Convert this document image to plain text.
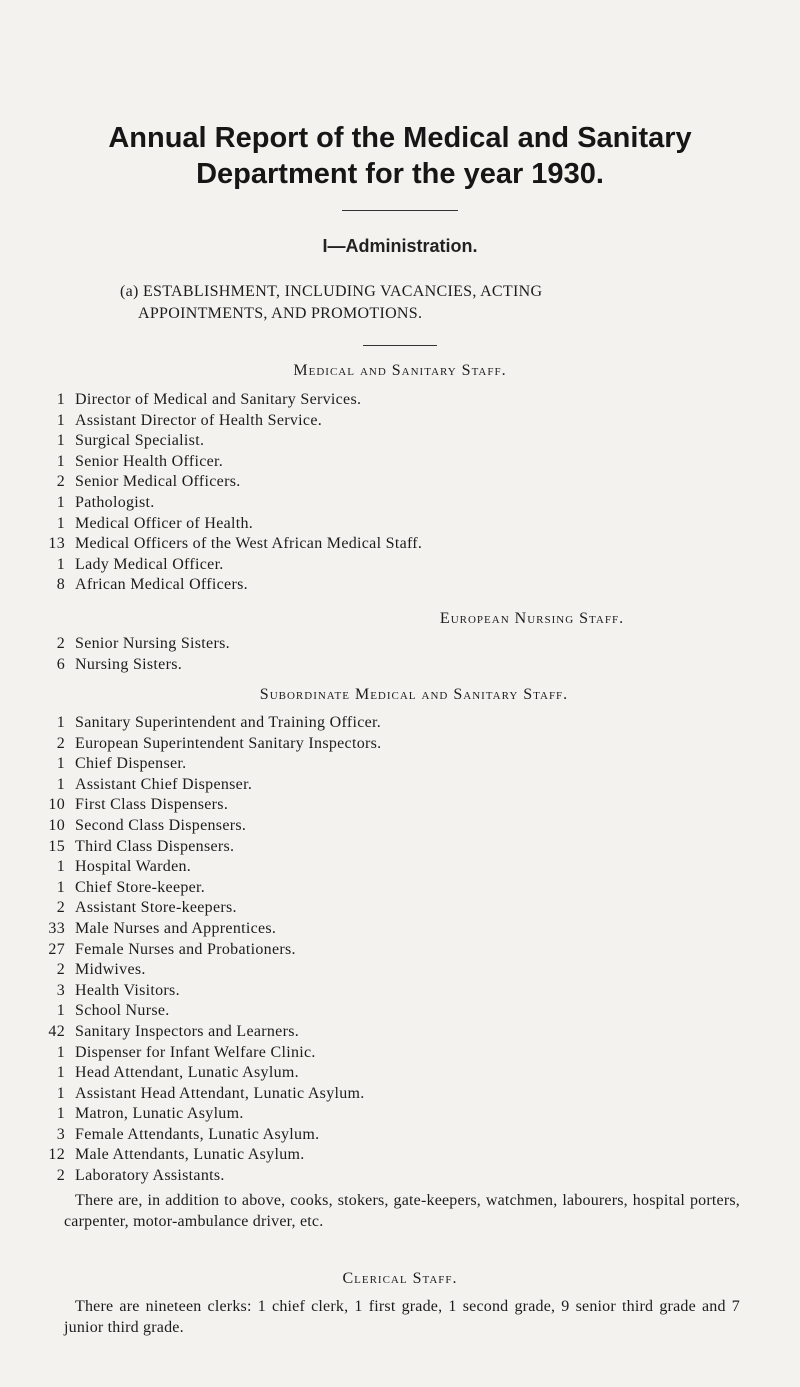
Annual Report of the Medical and Sanitary
Department for the year 1930.
I—Administration.
(a) ESTABLISHMENT, INCLUDING VACANCIES, ACTING
APPOINTMENTS, AND PROMOTIONS.
Medical and Sanitary Staff.
1 Director of Medical and Sanitary Services.
1 Assistant Director of Health Service.
1 Surgical Specialist.
1 Senior Health Officer.
2 Senior Medical Officers.
1 Pathologist.
1 Medical Officer of Health.
13 Medical Officers of the West African Medical Staff.
1 Lady Medical Officer.
8 African Medical Officers.
European Nursing Staff.
2 Senior Nursing Sisters.
6 Nursing Sisters.
Subordinate Medical and Sanitary Staff.
1 Sanitary Superintendent and Training Officer.
2 European Superintendent Sanitary Inspectors.
1 Chief Dispenser.
1 Assistant Chief Dispenser.
10 First Class Dispensers.
10 Second Class Dispensers.
15 Third Class Dispensers.
1 Hospital Warden.
1 Chief Store-keeper.
2 Assistant Store-keepers.
33 Male Nurses and Apprentices.
27 Female Nurses and Probationers.
2 Midwives.
3 Health Visitors.
1 School Nurse.
42 Sanitary Inspectors and Learners.
1 Dispenser for Infant Welfare Clinic.
1 Head Attendant, Lunatic Asylum.
1 Assistant Head Attendant, Lunatic Asylum.
1 Matron, Lunatic Asylum.
3 Female Attendants, Lunatic Asylum.
12 Male Attendants, Lunatic Asylum.
2 Laboratory Assistants.
There are, in addition to above, cooks, stokers, gate-keepers, watchmen, labourers, hospital porters, carpenter, motor-ambulance driver, etc.
Clerical Staff.
There are nineteen clerks: 1 chief clerk, 1 first grade, 1 second grade, 9 senior third grade and 7 junior third grade.
